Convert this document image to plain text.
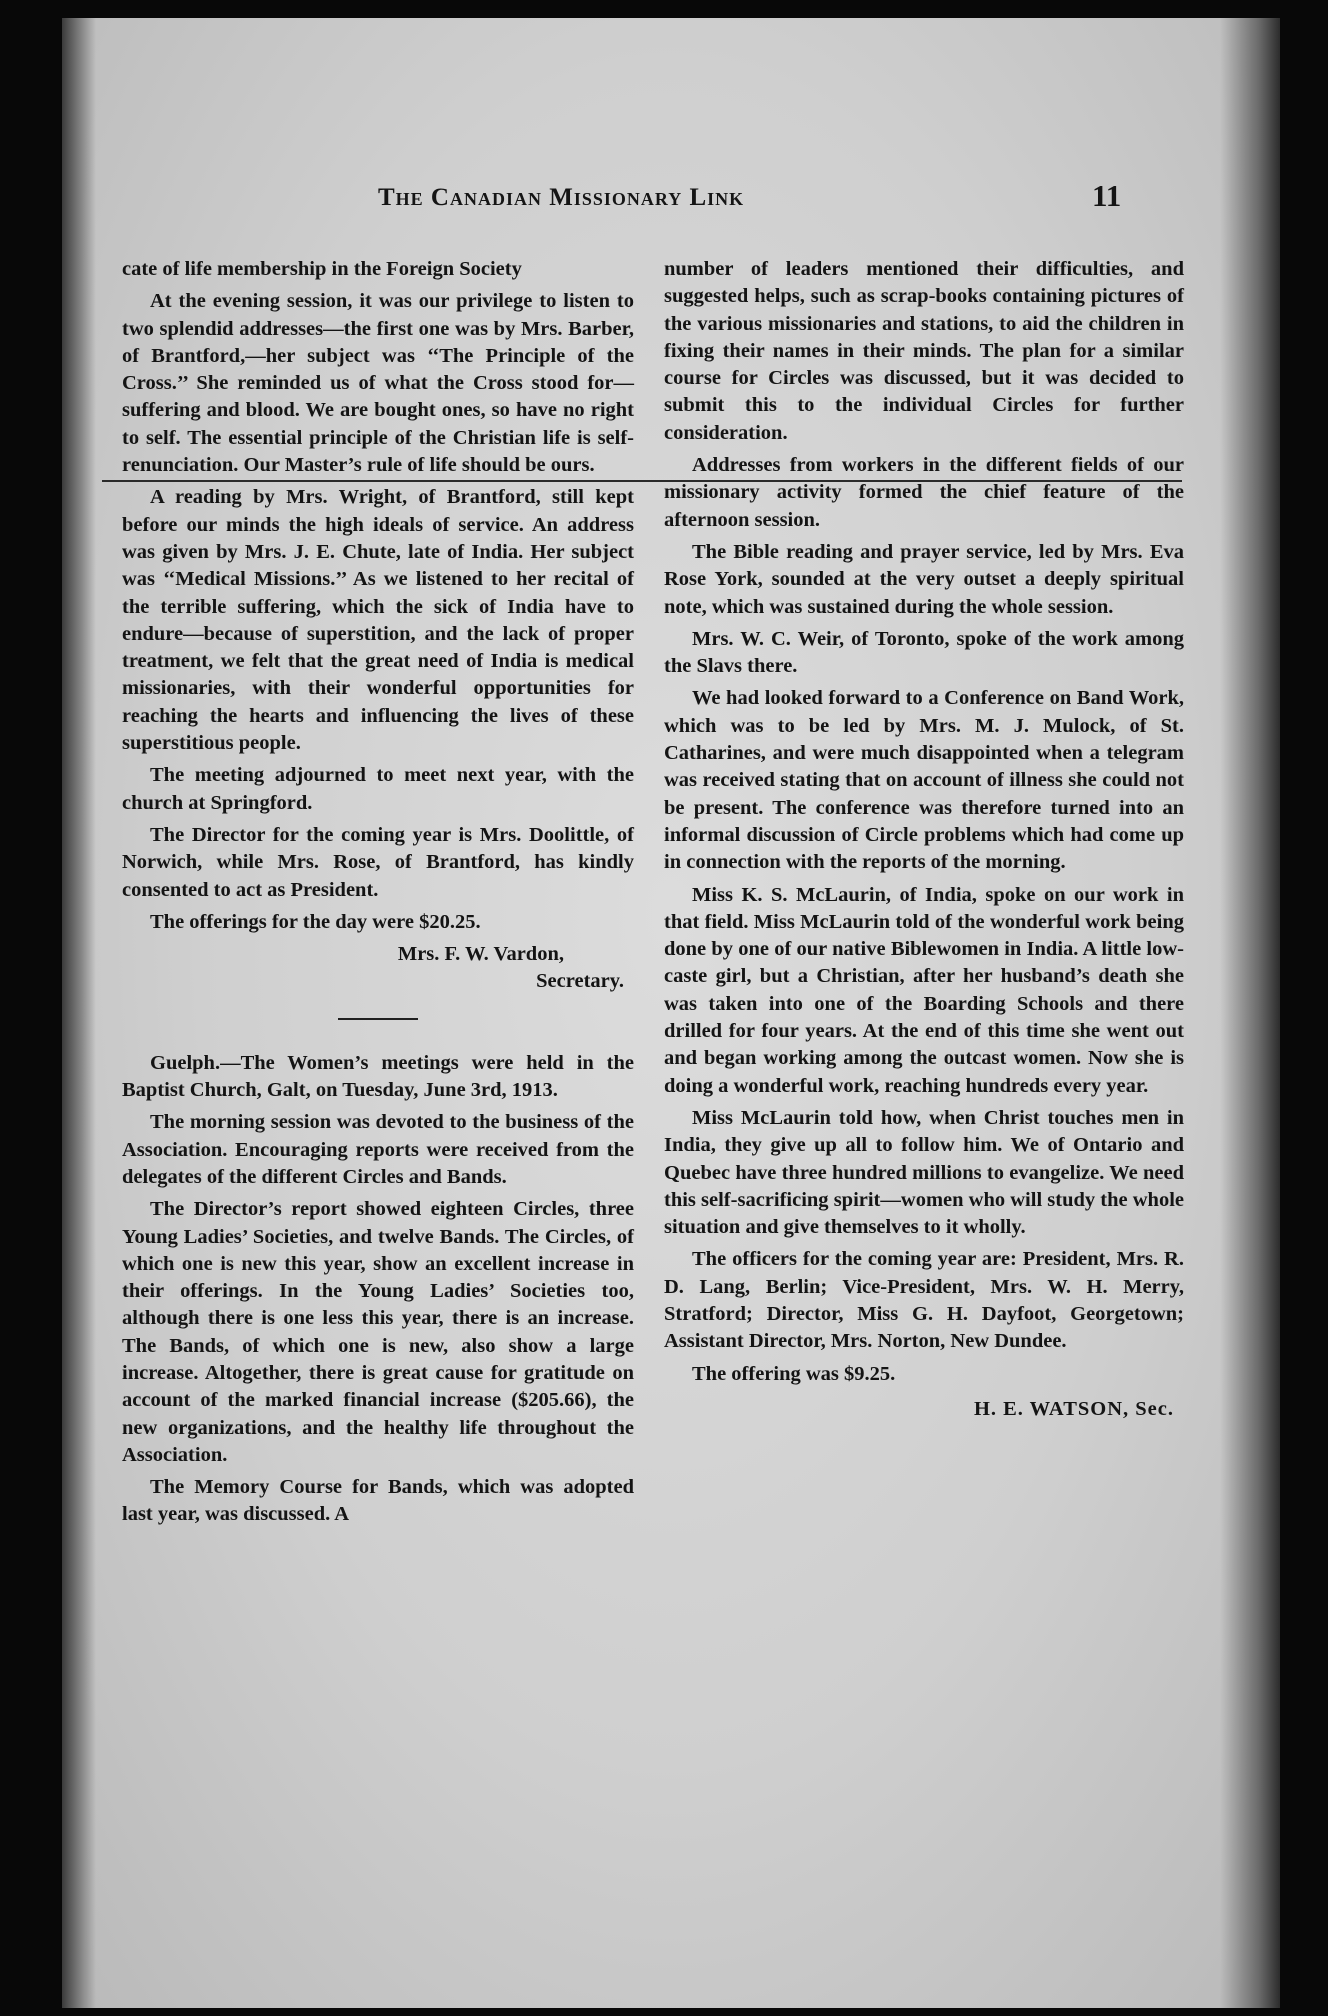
The Canadian Missionary Link	11

cate of life membership in the Foreign Society

At the evening session, it was our privilege to listen to two splendid addresses—the first one was by Mrs. Barber, of Brantford,—her subject was ‘‘The Principle of the Cross.’’ She reminded us of what the Cross stood for—suffering and blood. We are bought ones, so have no right to self. The essential principle of the Christian life is self-renunciation. Our Master’s rule of life should be ours.

A reading by Mrs. Wright, of Brantford, still kept before our minds the high ideals of service. An address was given by Mrs. J. E. Chute, late of India. Her subject was ‘‘Medical Missions.’’ As we listened to her recital of the terrible suffering, which the sick of India have to endure—because of superstition, and the lack of proper treatment, we felt that the great need of India is medical missionaries, with their wonderful opportunities for reaching the hearts and influencing the lives of these superstitious people.

The meeting adjourned to meet next year, with the church at Springford.

The Director for the coming year is Mrs. Doolittle, of Norwich, while Mrs. Rose, of Brantford, has kindly consented to act as President.

The offerings for the day were $20.25.

Mrs. F. W. Vardon,
Secretary.

Guelph.—The Women’s meetings were held in the Baptist Church, Galt, on Tuesday, June 3rd, 1913.

The morning session was devoted to the business of the Association. Encouraging reports were received from the delegates of the different Circles and Bands.

The Director’s report showed eighteen Circles, three Young Ladies’ Societies, and twelve Bands. The Circles, of which one is new this year, show an excellent increase in their offerings. In the Young Ladies’ Societies too, although there is one less this year, there is an increase. The Bands, of which one is new, also show a large increase. Altogether, there is great cause for gratitude on account of the marked financial increase ($205.66), the new organizations, and the healthy life throughout the Association.

The Memory Course for Bands, which was adopted last year, was discussed. A

number of leaders mentioned their difficulties, and suggested helps, such as scrap-books containing pictures of the various missionaries and stations, to aid the children in fixing their names in their minds. The plan for a similar course for Circles was discussed, but it was decided to submit this to the individual Circles for further consideration.

Addresses from workers in the different fields of our missionary activity formed the chief feature of the afternoon session.

The Bible reading and prayer service, led by Mrs. Eva Rose York, sounded at the very outset a deeply spiritual note, which was sustained during the whole session.

Mrs. W. C. Weir, of Toronto, spoke of the work among the Slavs there.

We had looked forward to a Conference on Band Work, which was to be led by Mrs. M. J. Mulock, of St. Catharines, and were much disappointed when a telegram was received stating that on account of illness she could not be present. The conference was therefore turned into an informal discussion of Circle problems which had come up in connection with the reports of the morning.

Miss K. S. McLaurin, of India, spoke on our work in that field. Miss McLaurin told of the wonderful work being done by one of our native Biblewomen in India. A little low-caste girl, but a Christian, after her husband’s death she was taken into one of the Boarding Schools and there drilled for four years. At the end of this time she went out and began working among the outcast women. Now she is doing a wonderful work, reaching hundreds every year.

Miss McLaurin told how, when Christ touches men in India, they give up all to follow him. We of Ontario and Quebec have three hundred millions to evangelize. We need this self-sacrificing spirit—women who will study the whole situation and give themselves to it wholly.

The officers for the coming year are: President, Mrs. R. D. Lang, Berlin; Vice-President, Mrs. W. H. Merry, Stratford; Director, Miss G. H. Dayfoot, Georgetown; Assistant Director, Mrs. Norton, New Dundee.

The offering was $9.25.

H. E. WATSON, Sec.
